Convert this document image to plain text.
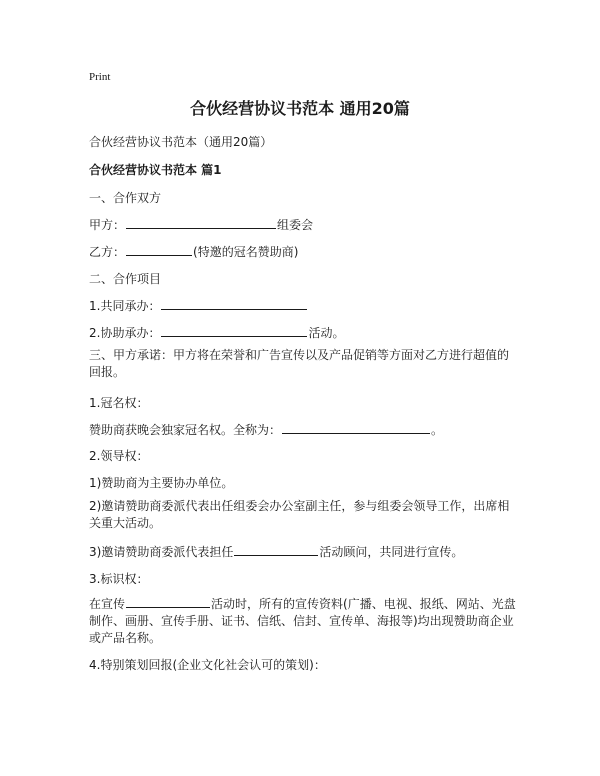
Print
合伙经营协议书范本 通用20篇
合伙经营协议书范本（通用20篇）
合伙经营协议书范本 篇1
一、合作双方
甲方：	组委会
乙方：	(特邀的冠名赞助商)
二、合作项目
1.共同承办：
2.协助承办：	活动。
三、甲方承诺：甲方将在荣誉和广告宣传以及产品促销等方面对乙方进行超值的回报。
1.冠名权：
赞助商获晚会独家冠名权。全称为：	。
2.领导权：
1)赞助商为主要协办单位。
2)邀请赞助商委派代表出任组委会办公室副主任，参与组委会领导工作，出席相关重大活动。
3)邀请赞助商委派代表担任	活动顾问，共同进行宣传。
3.标识权：
在宣传	活动时，所有的宣传资料(广播、电视、报纸、网站、光盘制作、画册、宣传手册、证书、信纸、信封、宣传单、海报等)均出现赞助商企业或产品名称。
4.特别策划回报(企业文化社会认可的策划)：
